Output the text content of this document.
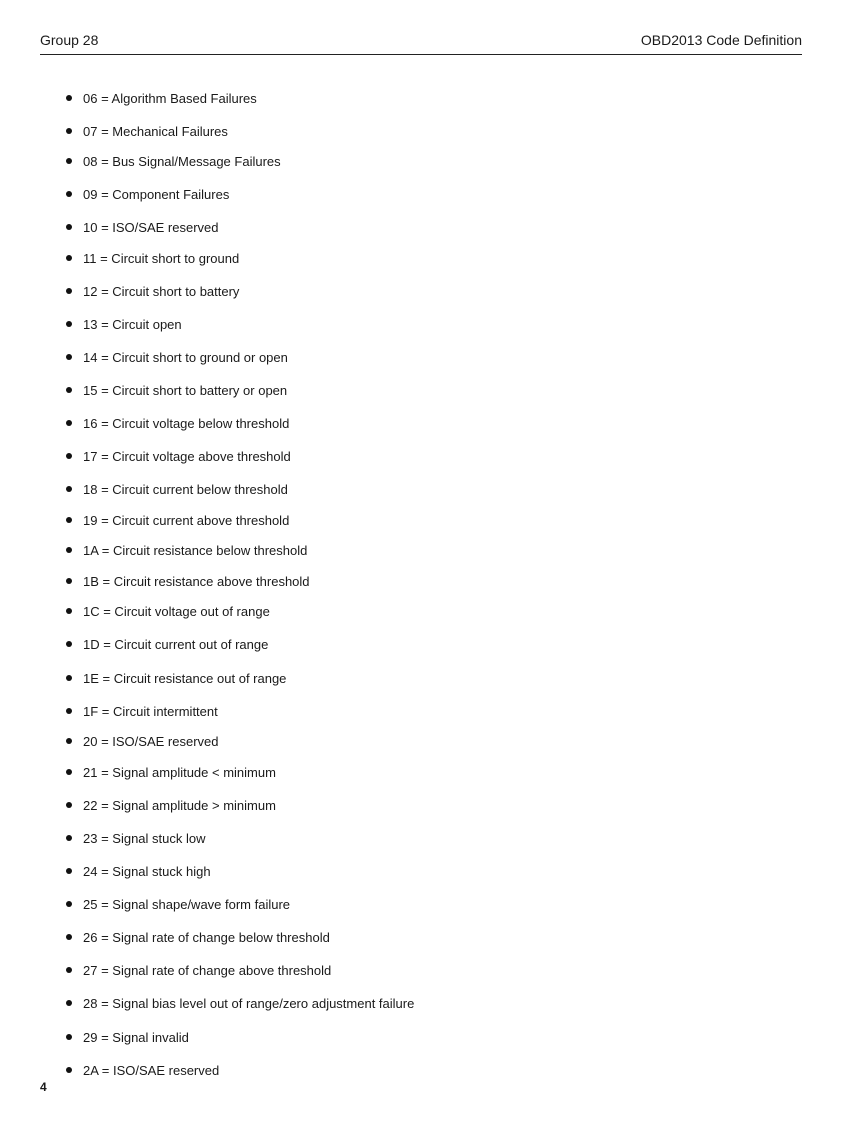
Group 28	OBD2013 Code Definition
06 = Algorithm Based Failures
07 = Mechanical Failures
08 = Bus Signal/Message Failures
09 = Component Failures
10 = ISO/SAE reserved
11 = Circuit short to ground
12 = Circuit short to battery
13 = Circuit open
14 = Circuit short to ground or open
15 = Circuit short to battery or open
16 = Circuit voltage below threshold
17 = Circuit voltage above threshold
18 = Circuit current below threshold
19 = Circuit current above threshold
1A = Circuit resistance below threshold
1B = Circuit resistance above threshold
1C = Circuit voltage out of range
1D = Circuit current out of range
1E = Circuit resistance out of range
1F = Circuit intermittent
20 = ISO/SAE reserved
21 = Signal amplitude < minimum
22 = Signal amplitude > minimum
23 = Signal stuck low
24 = Signal stuck high
25 = Signal shape/wave form failure
26 = Signal rate of change below threshold
27 = Signal rate of change above threshold
28 = Signal bias level out of range/zero adjustment failure
29 = Signal invalid
2A = ISO/SAE reserved
4
